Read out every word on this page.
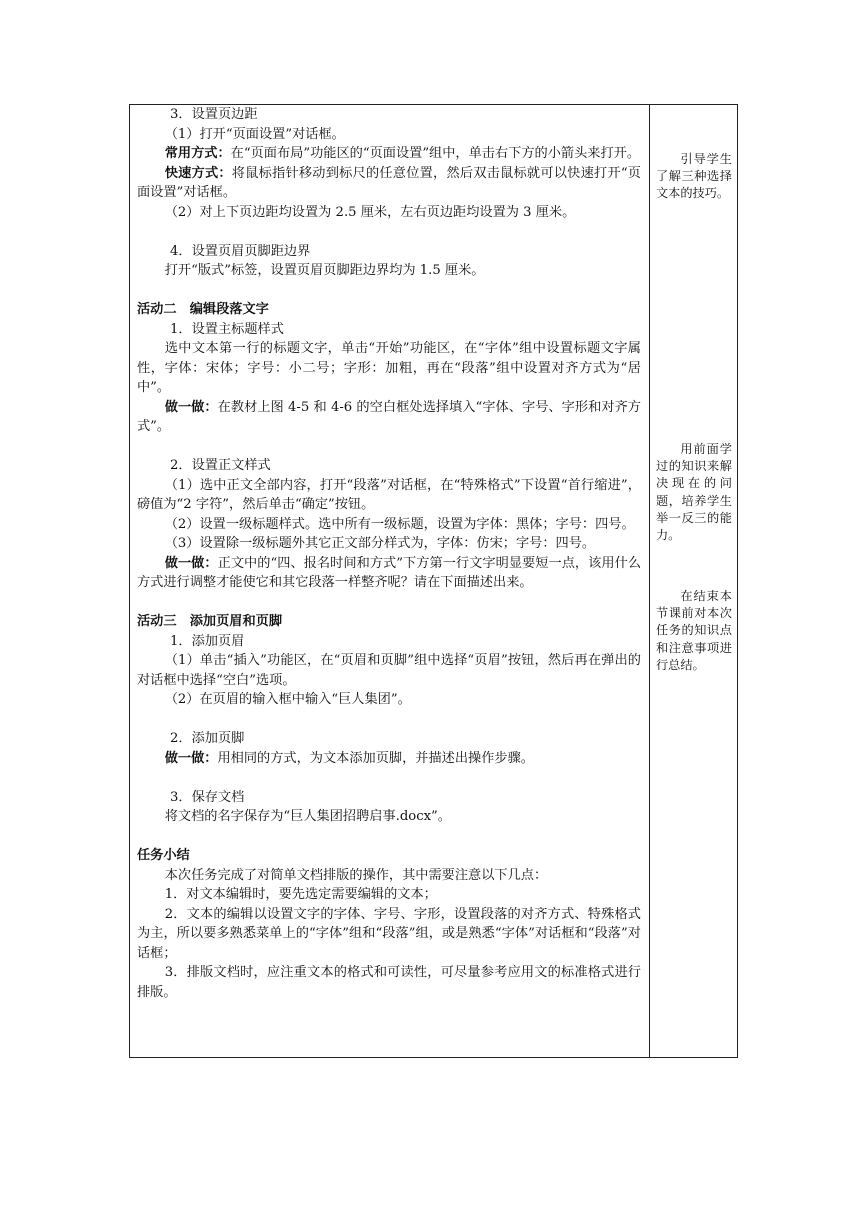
3．设置页边距

（1）打开“页面设置”对话框。

常用方式：在“页面布局”功能区的“页面设置”组中，单击右下方的小箭头来打开。

快速方式：将鼠标指针移动到标尺的任意位置，然后双击鼠标就可以快速打开“页面设置”对话框。

（2）对上下页边距均设置为 2.5 厘米，左右页边距均设置为 3 厘米。

4．设置页眉页脚距边界

打开“版式”标签，设置页眉页脚距边界均为 1.5 厘米。

活动二　编辑段落文字

1．设置主标题样式

选中文本第一行的标题文字，单击“开始”功能区，在“字体”组中设置标题文字属性，字体：宋体；字号：小二号；字形：加粗，再在“段落”组中设置对齐方式为“居中”。

做一做：在教材上图 4-5 和 4-6 的空白框处选择填入“字体、字号、字形和对齐方式”。

2．设置正文样式

（1）选中正文全部内容，打开“段落”对话框，在“特殊格式”下设置“首行缩进”，磅值为“2 字符”，然后单击“确定”按钮。

（2）设置一级标题样式。选中所有一级标题，设置为字体：黑体；字号：四号。

（3）设置除一级标题外其它正文部分样式为，字体：仿宋；字号：四号。

做一做：正文中的“四、报名时间和方式”下方第一行文字明显要短一点，该用什么方式进行调整才能使它和其它段落一样整齐呢？请在下面描述出来。

活动三　添加页眉和页脚

1．添加页眉

（1）单击“插入”功能区，在“页眉和页脚”组中选择“页眉”按钮，然后再在弹出的对话框中选择“空白”选项。

（2）在页眉的输入框中输入“巨人集团”。

2．添加页脚

做一做：用相同的方式，为文本添加页脚，并描述出操作步骤。

3．保存文档

将文档的名字保存为“巨人集团招聘启事.docx”。

任务小结

本次任务完成了对简单文档排版的操作，其中需要注意以下几点：

1．对文本编辑时，要先选定需要编辑的文本；

2．文本的编辑以设置文字的字体、字号、字形，设置段落的对齐方式、特殊格式为主，所以要多熟悉菜单上的“字体”组和“段落”组，或是熟悉“字体”对话框和“段落”对话框；

3．排版文档时，应注重文本的格式和可读性，可尽量参考应用文的标准格式进行排版。

引导学生了解三种选择文本的技巧。

用前面学过的知识来解决现在的问题，培养学生举一反三的能力。

在结束本节课前对本次任务的知识点和注意事项进行总结。
